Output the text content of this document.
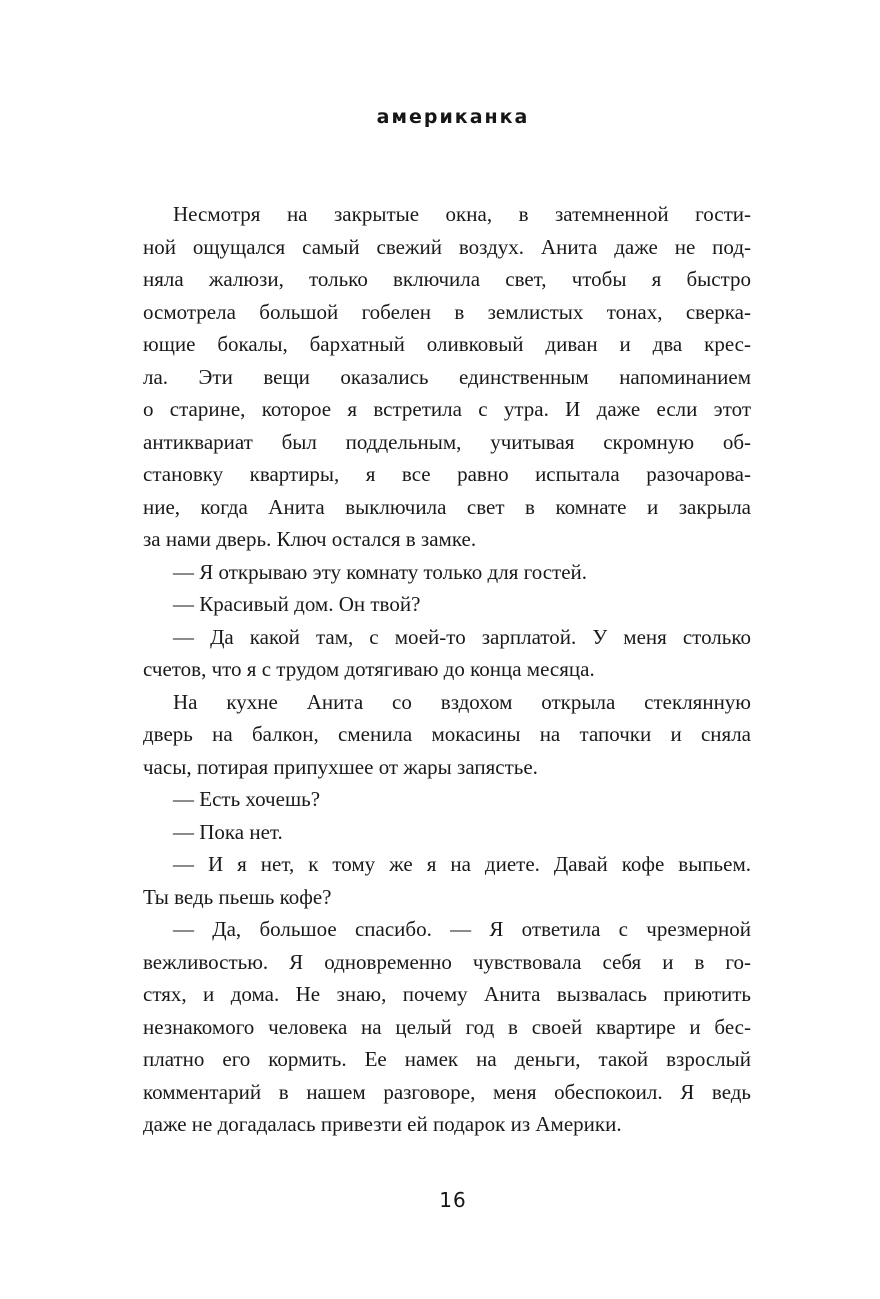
американка
Несмотря на закрытые окна, в затемненной гости-
ной ощущался самый свежий воздух. Анита даже не под-
няла жалюзи, только включила свет, чтобы я быстро
осмотрела большой гобелен в землистых тонах, сверка-
ющие бокалы, бархатный оливковый диван и два крес-
ла. Эти вещи оказались единственным напоминанием
о старине, которое я встретила с утра. И даже если этот
антиквариат был поддельным, учитывая скромную об-
становку квартиры, я все равно испытала разочарова-
ние, когда Анита выключила свет в комнате и закрыла
за нами дверь. Ключ остался в замке.
— Я открываю эту комнату только для гостей.
— Красивый дом. Он твой?
— Да какой там, с моей-то зарплатой. У меня столько
счетов, что я с трудом дотягиваю до конца месяца.
На кухне Анита со вздохом открыла стеклянную
дверь на балкон, сменила мокасины на тапочки и сняла
часы, потирая припухшее от жары запястье.
— Есть хочешь?
— Пока нет.
— И я нет, к тому же я на диете. Давай кофе выпьем.
Ты ведь пьешь кофе?
— Да, большое спасибо. — Я ответила с чрезмерной
вежливостью. Я одновременно чувствовала себя и в го-
стях, и дома. Не знаю, почему Анита вызвалась приютить
незнакомого человека на целый год в своей квартире и бес-
платно его кормить. Ее намек на деньги, такой взрослый
комментарий в нашем разговоре, меня обеспокоил. Я ведь
даже не догадалась привезти ей подарок из Америки.
16
